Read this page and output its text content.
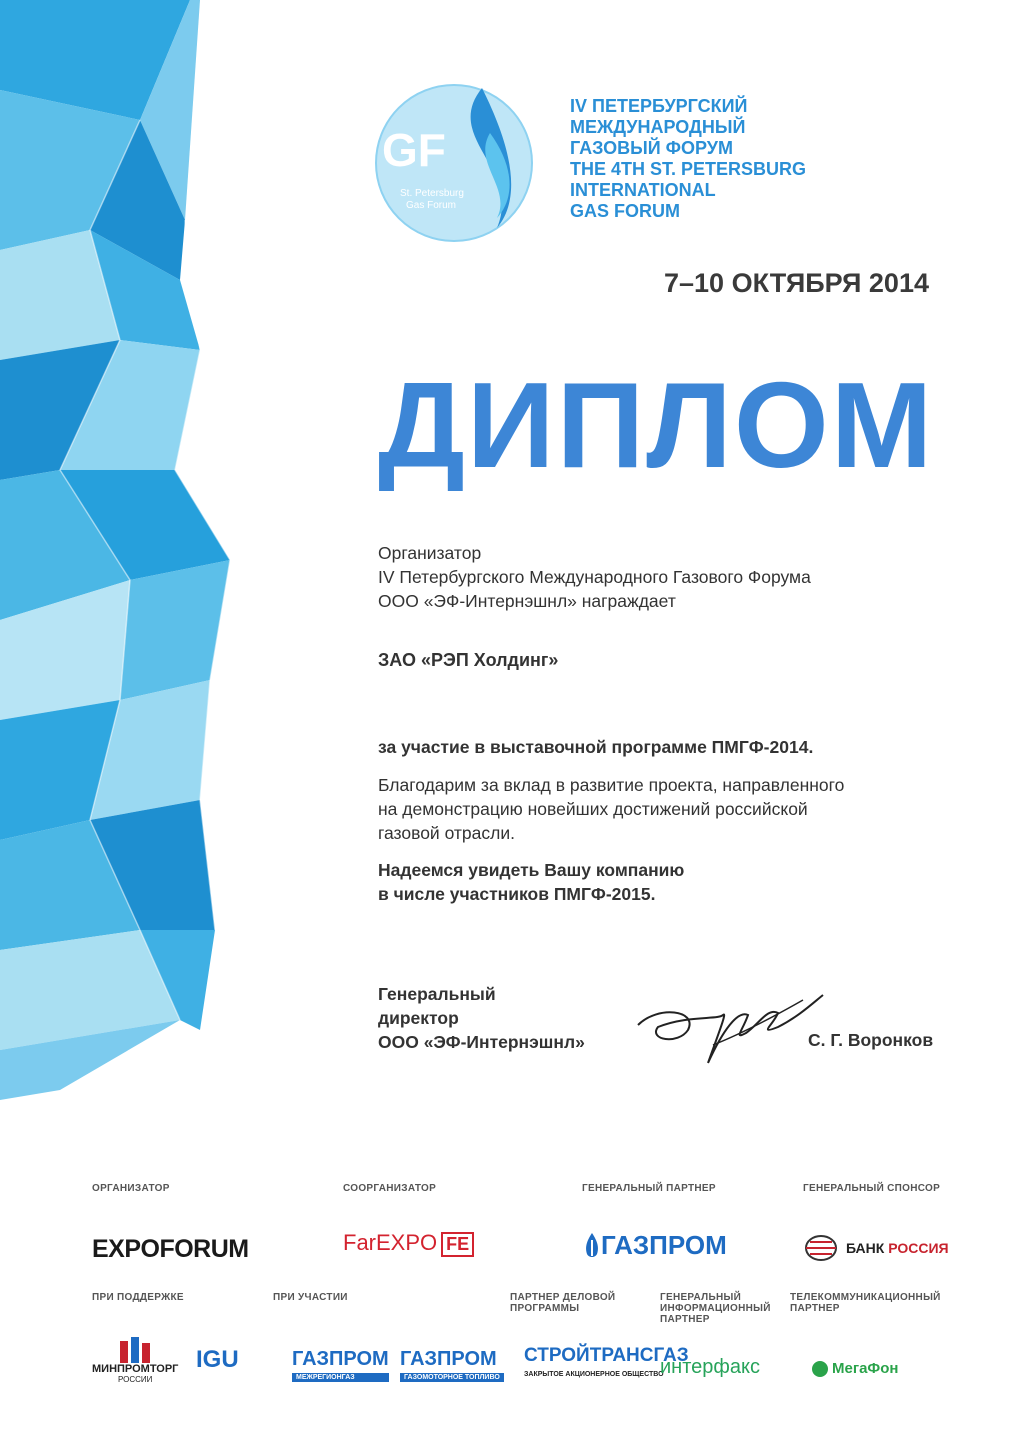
GF
St. Petersburg
Gas Forum
IV ПЕТЕРБУРГСКИЙ
МЕЖДУНАРОДНЫЙ
ГАЗОВЫЙ ФОРУМ
THE 4TH ST. PETERSBURG
INTERNATIONAL
GAS FORUM
7–10 ОКТЯБРЯ 2014
ДИПЛОМ
Организатор
IV Петербургского Международного Газового Форума
ООО «ЭФ-Интернэшнл» награждает
ЗАО «РЭП Холдинг»
за участие в выставочной программе ПМГФ-2014.
Благодарим за вклад в развитие проекта, направленного
на демонстрацию новейших достижений российской
газовой отрасли.
Надеемся увидеть Вашу компанию
в числе участников ПМГФ-2015.
Генеральный
директор
ООО «ЭФ-Интернэшнл»	С. Г. Воронков
ОРГАНИЗАТОР	СООРГАНИЗАТОР	ГЕНЕРАЛЬНЫЙ ПАРТНЕР	ГЕНЕРАЛЬНЫЙ СПОНСОР
ПРИ ПОДДЕРЖКЕ	ПРИ УЧАСТИИ	ПАРТНЕР ДЕЛОВОЙ
ПРОГРАММЫ
ГЕНЕРАЛЬНЫЙ
ИНФОРМАЦИОННЫЙ
ПАРТНЕР
ТЕЛЕКОММУНИКАЦИОННЫЙ
ПАРТНЕР
EXPOFORUM	FarEXPO FE	ГАЗПРОМ	БАНК РОССИЯ
МИНПРОМТОРГ
РОССИИ
IGU	ГАЗПРОМ
МЕЖРЕГИОНГАЗ
ГАЗПРОМ
ГАЗОМОТОРНОЕ ТОПЛИВО
СТРОЙТРАНСГАЗ
ЗАКРЫТОЕ АКЦИОНЕРНОЕ ОБЩЕСТВО
интерфакс	МегаФон
